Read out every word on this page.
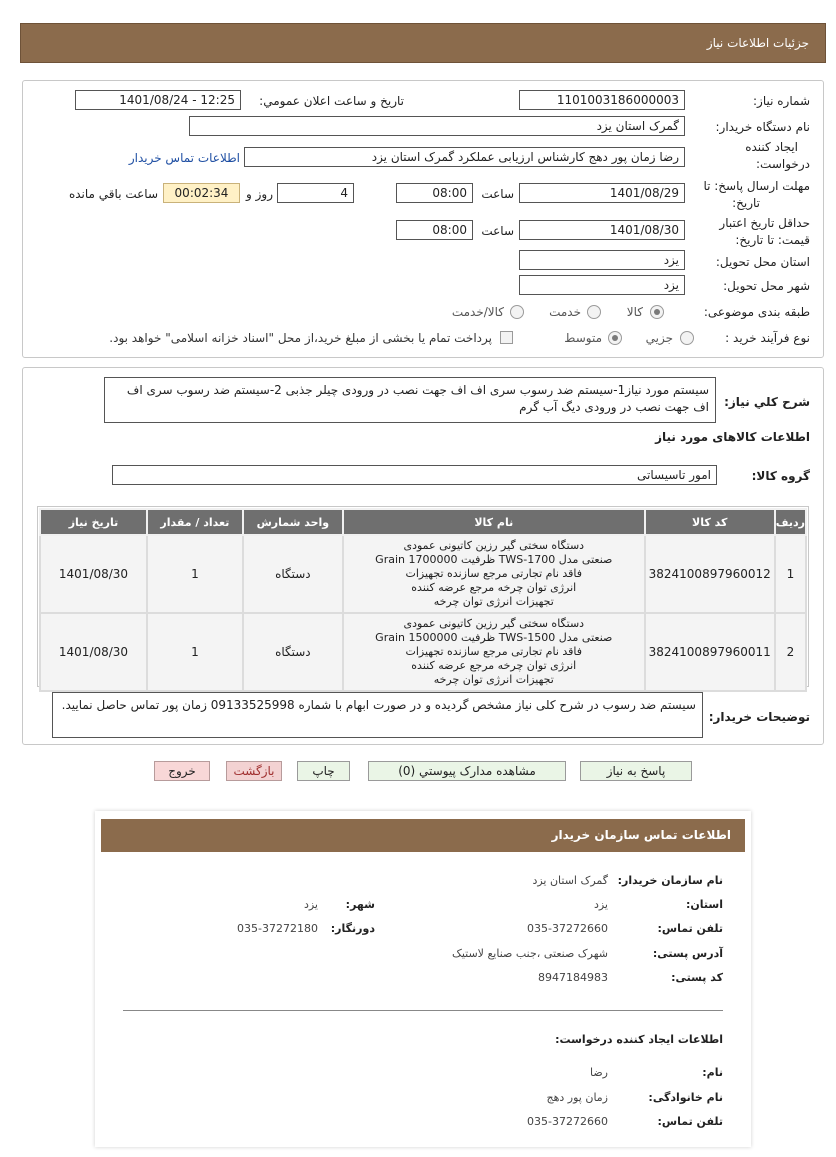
جزئیات اطلاعات نیاز
شماره نیاز:
1101003186000003
تاریخ و ساعت اعلان عمومي:
1401/08/24 - 12:25
نام دستگاه خريدار:
گمرک استان يزد
ایجاد کننده
درخواست:
رضا زمان پور دهج کارشناس ارزيابی عملکرد گمرک استان يزد
اطلاعات تماس خریدار
مهلت ارسال پاسخ: تا
تاریخ:
1401/08/29
ساعت
08:00
4
روز و
00:02:34
ساعت باقي مانده
حداقل تاریخ اعتبار
قیمت: تا تاریخ:
1401/08/30
ساعت
08:00
استان محل تحویل:
يزد
شهر محل تحویل:
يزد
طبقه بندی موضوعی:
کالا
خدمت
کالا/خدمت
نوع فرآیند خرید :
جزيي
متوسط
پرداخت تمام یا بخشی از مبلغ خرید،از محل "اسناد خزانه اسلامی" خواهد بود.
شرح کلي نياز:
سیستم مورد نیاز1-سیستم ضد رسوب سری اف اف جهت نصب در ورودی چیلر جذبی 2-سیستم ضد رسوب سری اف اف جهت نصب در ورودی دیگ آب گرم
اطلاعات کالاهای مورد نياز
گروه کالا:
امور تاسیساتی
رديف	کد کالا	نام کالا	واحد شمارش	تعداد / مقدار	تاریخ نیاز
1	3824100897960012	دستگاه سختی گیر رزین کاتیونی عمودی
صنعتی مدل TWS-1700 ظرفیت 1700000 Grain
فاقد نام تجارتی مرجع سازنده تجهیزات
انرژی توان چرخه مرجع عرضه کننده
تجهیزات انرژی توان چرخه	دستگاه	1	1401/08/30
2	3824100897960011	دستگاه سختی گیر رزین کاتیونی عمودی
صنعتی مدل TWS-1500 ظرفیت 1500000 Grain
فاقد نام تجارتی مرجع سازنده تجهیزات
انرژی توان چرخه مرجع عرضه کننده
تجهیزات انرژی توان چرخه	دستگاه	1	1401/08/30
توضیحات خریدار:
سیستم ضد رسوب در شرح کلی نیاز مشخص گردیده و در صورت ابهام با شماره 09133525998 زمان پور تماس حاصل نمایید.
پاسخ به نياز
مشاهده مدارک پیوستي (0)
چاپ
بازگشت
خروج
اطلاعات تماس سازمان خریدار
نام سازمان خریدار:
گمرک استان یزد
استان:
یزد
شهر:
یزد
تلفن تماس:
035-37272660
دورنگار:
035-37272180
آدرس پستی:
شهرک صنعتی ،جنب صنایع لاستیک
کد پستی:
8947184983
اطلاعات ایجاد کننده درخواست:
نام:
رضا
نام خانوادگی:
زمان پور دهج
تلفن تماس:
035-37272660
